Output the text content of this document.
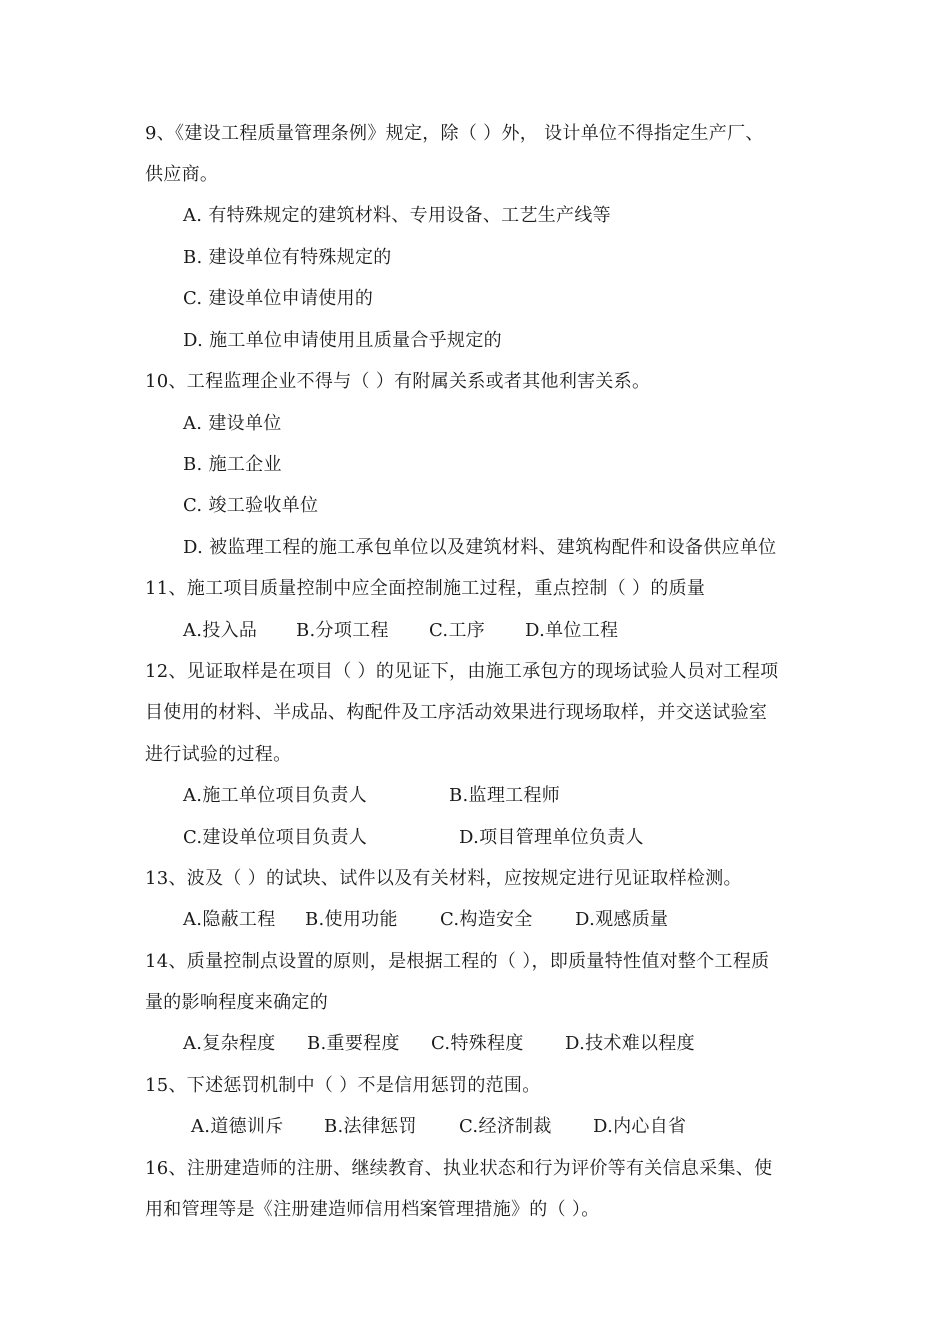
9、《建设工程质量管理条例》规定，除（ ）外， 设计单位不得指定生产厂、
供应商。
A. 有特殊规定的建筑材料、专用设备、工艺生产线等
B. 建设单位有特殊规定的
C. 建设单位申请使用的
D. 施工单位申请使用且质量合乎规定的
10、工程监理企业不得与（ ）有附属关系或者其他利害关系。
A. 建设单位
B. 施工企业
C. 竣工验收单位
D. 被监理工程的施工承包单位以及建筑材料、建筑构配件和设备供应单位
11、施工项目质量控制中应全面控制施工过程，重点控制（ ）的质量
A.投入品 B.分项工程 C.工序 D.单位工程
12、见证取样是在项目（ ）的见证下，由施工承包方的现场试验人员对工程项
目使用的材料、半成品、构配件及工序活动效果进行现场取样，并交送试验室
进行试验的过程。
A.施工单位项目负责人	B.监理工程师
C.建设单位项目负责人	D.项目管理单位负责人
13、波及（ ）的试块、试件以及有关材料，应按规定进行见证取样检测。
A.隐蔽工程 B.使用功能 C.构造安全 D.观感质量
14、质量控制点设置的原则，是根据工程的（ ），即质量特性值对整个工程质
量的影响程度来确定的
A.复杂程度 B.重要程度 C.特殊程度 D.技术难以程度
15、下述惩罚机制中（ ）不是信用惩罚的范围。
A.道德训斥 B.法律惩罚 C.经济制裁 D.内心自省
16、注册建造师的注册、继续教育、执业状态和行为评价等有关信息采集、使
用和管理等是《注册建造师信用档案管理措施》的（ ）。
